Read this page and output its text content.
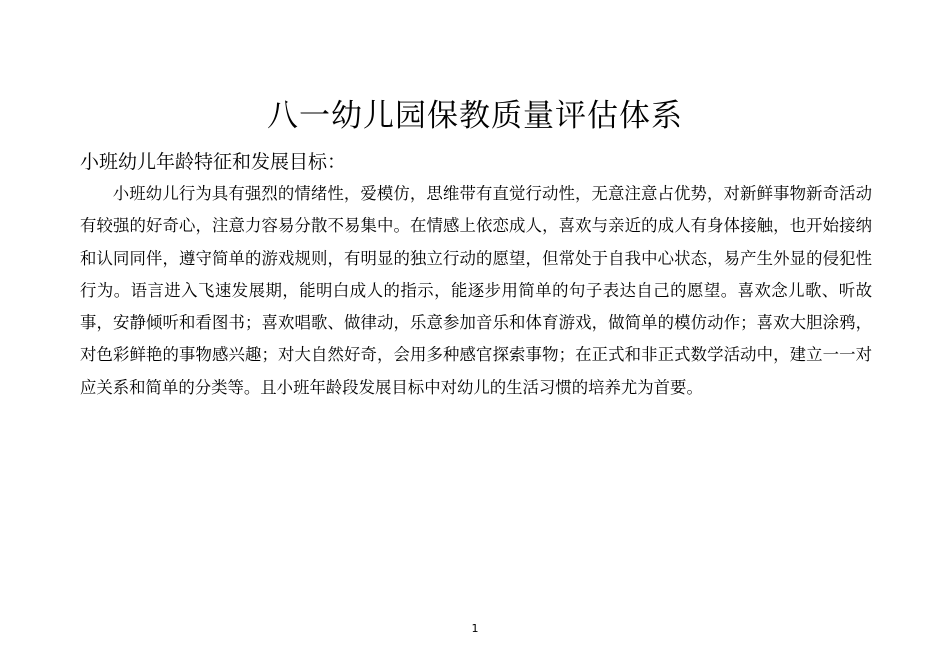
八一幼儿园保教质量评估体系
小班幼儿年龄特征和发展目标：

小班幼儿行为具有强烈的情绪性，爱模仿，思维带有直觉行动性，无意注意占优势，对新鲜事物新奇活动有较强的好奇心，注意力容易分散不易集中。在情感上依恋成人，喜欢与亲近的成人有身体接触，也开始接纳和认同同伴，遵守简单的游戏规则，有明显的独立行动的愿望，但常处于自我中心状态，易产生外显的侵犯性行为。语言进入飞速发展期，能明白成人的指示，能逐步用简单的句子表达自己的愿望。喜欢念儿歌、听故事，安静倾听和看图书；喜欢唱歌、做律动，乐意参加音乐和体育游戏，做简单的模仿动作；喜欢大胆涂鸦，对色彩鲜艳的事物感兴趣；对大自然好奇，会用多种感官探索事物；在正式和非正式数学活动中，建立一一对应关系和简单的分类等。且小班年龄段发展目标中对幼儿的生活习惯的培养尤为首要。

1
